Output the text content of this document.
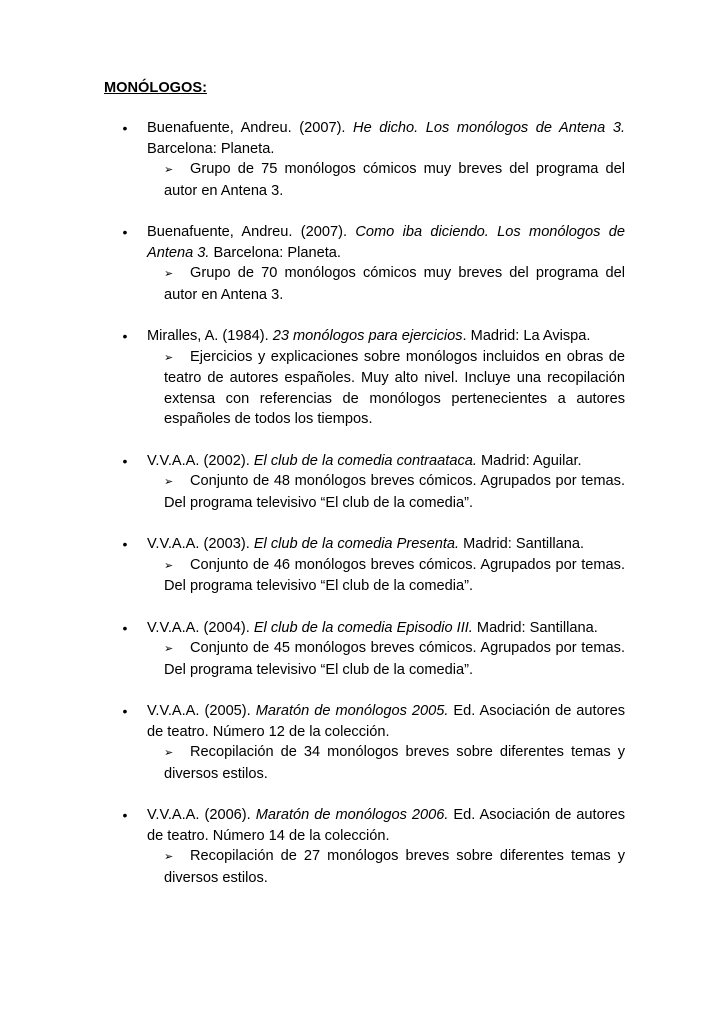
MONÓLOGOS:
•	Buenafuente, Andreu. (2007). He dicho. Los monólogos de Antena 3. Barcelona: Planeta.
➢ Grupo de 75 monólogos cómicos muy breves del programa del autor en Antena 3.
•	Buenafuente, Andreu. (2007). Como iba diciendo. Los monólogos de Antena 3. Barcelona: Planeta.
➢ Grupo de 70 monólogos cómicos muy breves del programa del autor en Antena 3.
•	Miralles, A. (1984). 23 monólogos para ejercicios. Madrid: La Avispa.
➢ Ejercicios y explicaciones sobre monólogos incluidos en obras de teatro de autores españoles. Muy alto nivel. Incluye una recopilación extensa con referencias de monólogos pertenecientes a autores españoles de todos los tiempos.
•	V.V.A.A. (2002). El club de la comedia contraataca. Madrid: Aguilar.
➢ Conjunto de 48 monólogos breves cómicos. Agrupados por temas. Del programa televisivo “El club de la comedia”.
•	V.V.A.A. (2003). El club de la comedia Presenta. Madrid: Santillana.
➢ Conjunto de 46 monólogos breves cómicos. Agrupados por temas. Del programa televisivo “El club de la comedia”.
•	V.V.A.A. (2004). El club de la comedia Episodio III. Madrid: Santillana.
➢ Conjunto de 45 monólogos breves cómicos. Agrupados por temas. Del programa televisivo “El club de la comedia”.
•	V.V.A.A. (2005). Maratón de monólogos 2005. Ed. Asociación de autores de teatro. Número 12 de la colección.
➢ Recopilación de 34 monólogos breves sobre diferentes temas y diversos estilos.
•	V.V.A.A. (2006). Maratón de monólogos 2006. Ed. Asociación de autores de teatro. Número 14 de la colección.
➢ Recopilación de 27 monólogos breves sobre diferentes temas y diversos estilos.
